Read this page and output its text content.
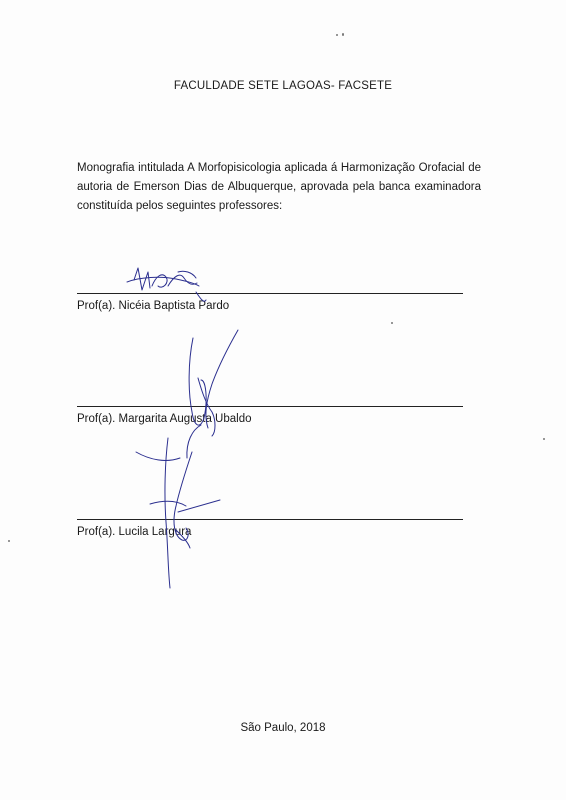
FACULDADE SETE LAGOAS- FACSETE

Monografia intitulada A Morfopisicologia aplicada á Harmonização Orofacial de autoria de Emerson Dias de Albuquerque, aprovada pela banca examinadora constituída pelos seguintes professores:

Prof(a). Nicéia Baptista Pardo
Prof(a). Margarita Augusta Ubaldo
Prof(a). Lucila Largura
São Paulo, 2018
